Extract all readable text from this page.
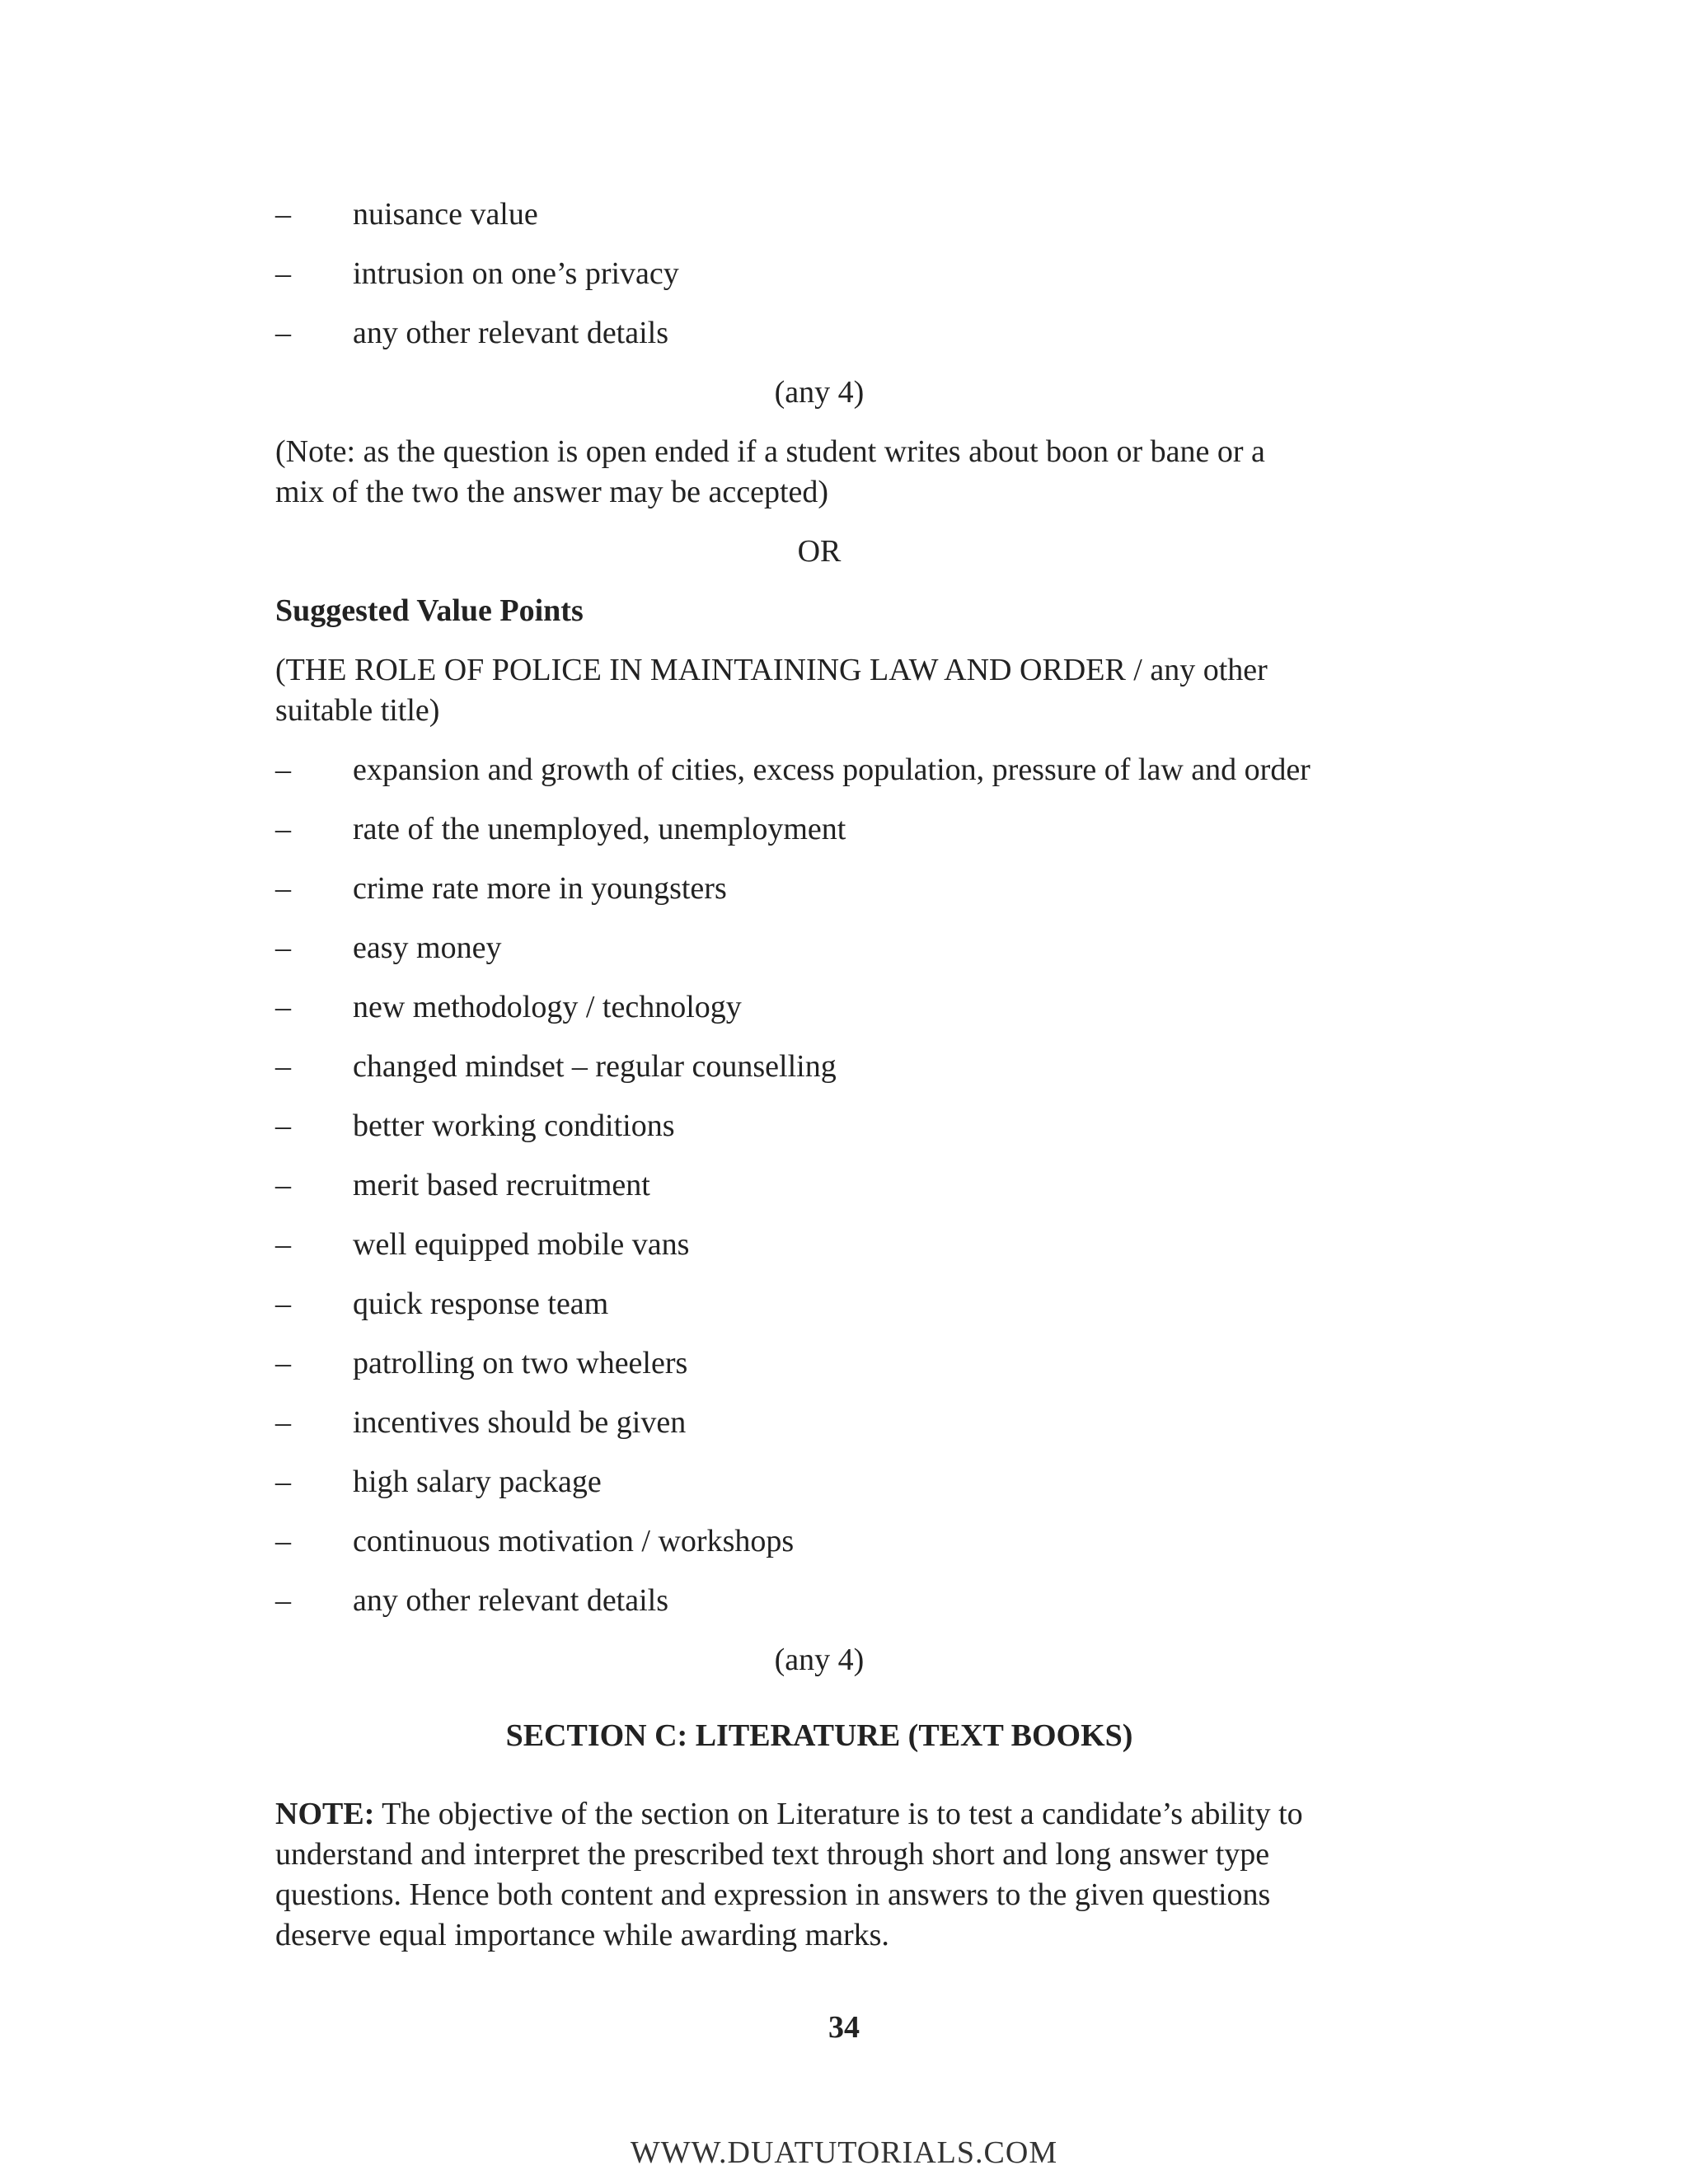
–	nuisance value
–	intrusion on one’s privacy
–	any other relevant details
(any 4)

(Note: as the question is open ended if a student writes about boon or bane or a mix of the two the answer may be accepted)

OR
Suggested Value Points

(THE ROLE OF POLICE IN MAINTAINING LAW AND ORDER / any other suitable title)

–	expansion and growth of cities, excess population, pressure of law and order
–	rate of the unemployed, unemployment
–	crime rate more in youngsters
–	easy money
–	new methodology / technology
–	changed mindset – regular counselling
–	better working conditions
–	merit based recruitment
–	well equipped mobile vans
–	quick response team
–	patrolling on two wheelers
–	incentives should be given
–	high salary package
–	continuous motivation / workshops
–	any other relevant details
(any 4)
SECTION C: LITERATURE (TEXT BOOKS)

NOTE: The objective of the section on Literature is to test a candidate’s ability to understand and interpret the prescribed text through short and long answer type questions. Hence both content and expression in answers to the given questions deserve equal importance while awarding marks.

34
WWW.DUATUTORIALS.COM
